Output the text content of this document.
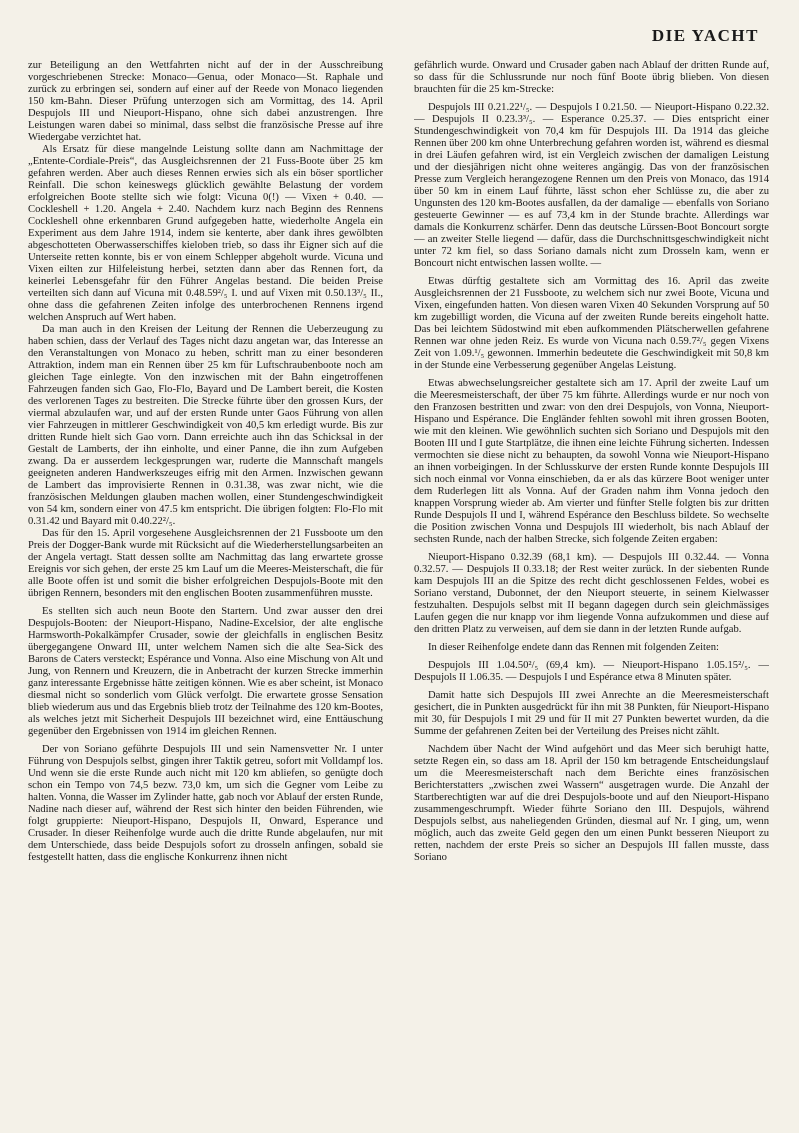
DIE YACHT

zur Beteiligung an den Wettfahrten nicht auf der in der Ausschreibung vorgeschriebenen Strecke: Monaco—Genua, oder Monaco—St. Raphale und zurück zu erbringen sei, sondern auf einer auf der Reede von Monaco liegenden 150 km-Bahn. Dieser Prüfung unterzogen sich am Vormittag, des 14. April Despujols III und Nieuport-Hispano, ohne sich dabei anzustrengen. Ihre Leistungen waren dabei so minimal, dass selbst die französische Presse auf ihre Wiedergabe verzichtet hat.

Als Ersatz für diese mangelnde Leistung sollte dann am Nachmittage der „Entente-Cordiale-Preis“, das Ausgleichsrennen der 21 Fuss-Boote über 25 km gefahren werden. Aber auch dieses Rennen erwies sich als ein böser sportlicher Reinfall. Die schon keineswegs glücklich gewählte Belastung der vordem erfolgreichen Boote stellte sich wie folgt: Vicuna 0(!) — Vixen + 0.40. — Cockleshell + 1.20. Angela + 2.40. Nachdem kurz nach Beginn des Rennens Cockleshell ohne erkennbaren Grund aufgegeben hatte, wiederholte Angela ein Experiment aus dem Jahre 1914, indem sie kenterte, aber dank ihres gewölbten abgeschotteten Oberwasserschiffes kieloben trieb, so dass ihr Eigner sich auf die Unterseite retten konnte, bis er von einem Schlepper abgeholt wurde. Vicuna und Vixen eilten zur Hilfeleistung herbei, setzten dann aber das Rennen fort, da keinerlei Lebensgefahr für den Führer Angelas bestand. Die beiden Preise verteilten sich dann auf Vicuna mit 0.48.59²/₅ I. und auf Vixen mit 0.50.13³/₅ II., ohne dass die gefahrenen Zeiten infolge des unterbrochenen Rennens irgend welchen Anspruch auf Wert haben.

Da man auch in den Kreisen der Leitung der Rennen die Ueberzeugung zu haben schien, dass der Verlauf des Tages nicht dazu angetan war, das Interesse an den Veranstaltungen von Monaco zu heben, schritt man zu einer besonderen Attraktion, indem man ein Rennen über 25 km für Luftschraubenboote noch am gleichen Tage einlegte. Von den inzwischen mit der Bahn eingetroffenen Fahrzeugen fanden sich Gao, Flo-Flo, Bayard und De Lambert bereit, die Kosten des verlorenen Tages zu bestreiten. Die Strecke führte über den grossen Kurs, der viermal abzulaufen war, und auf der ersten Runde unter Gaos Führung von allen vier Fahrzeugen in mittlerer Geschwindigkeit von 40,5 km erledigt wurde. Bis zur dritten Runde hielt sich Gao vorn. Dann erreichte auch ihn das Schicksal in der Gestalt de Lamberts, der ihn einholte, und einer Panne, die ihn zum Aufgeben zwang. Da er ausserdem leckgesprungen war, ruderte die Mannschaft mangels geeigneten anderen Handwerkszeuges eifrig mit den Armen. Inzwischen gewann de Lambert das improvisierte Rennen in 0.31.38, was zwar nicht, wie die französischen Meldungen glauben machen wollen, einer Stundengeschwindigkeit von 54 km, sondern einer von 47.5 km entspricht. Die übrigen folgten: Flo-Flo mit 0.31.42 und Bayard mit 0.40.22²/₅.

Das für den 15. April vorgesehene Ausgleichsrennen der 21 Fussboote um den Preis der Dogger-Bank wurde mit Rücksicht auf die Wiederherstellungsarbeiten an der Angela vertagt. Statt dessen sollte am Nachmittag das lang erwartete grosse Ereignis vor sich gehen, der erste 25 km Lauf um die Meeres-Meisterschaft, die für alle Boote offen ist und somit die bisher erfolgreichen Despujols-Boote mit den übrigen Rennern, besonders mit den englischen Booten zusammenführen musste.

Es stellten sich auch neun Boote den Startern. Und zwar ausser den drei Despujols-Booten: der Nieuport-Hispano, Nadine-Excelsior, der alte englische Harmsworth-Pokalkämpfer Crusader, sowie der gleichfalls in englischen Besitz übergegangene Onward III, unter welchem Namen sich die alte Sea-Sick des Barons de Caters versteckt; Espérance und Vonna. Also eine Mischung von Alt und Jung, von Rennern und Kreuzern, die in Anbetracht der kurzen Strecke immerhin ganz interessante Ergebnisse hätte zeitigen können. Wie es aber scheint, ist Monaco diesmal nicht so sonderlich vom Glück verfolgt. Die erwartete grosse Sensation blieb wiederum aus und das Ergebnis blieb trotz der Teilnahme des 120 km-Bootes, als welches jetzt mit Sicherheit Despujols III bezeichnet wird, eine Enttäuschung gegenüber den Ergebnissen von 1914 im gleichen Rennen.

Der von Soriano geführte Despujols III und sein Namensvetter Nr. I unter Führung von Despujols selbst, gingen ihrer Taktik getreu, sofort mit Volldampf los. Und wenn sie die erste Runde auch nicht mit 120 km abliefen, so genügte doch schon ein Tempo von 74,5 bezw. 73,0 km, um sich die Gegner vom Leibe zu halten. Vonna, die Wasser im Zylinder hatte, gab noch vor Ablauf der ersten Runde, Nadine nach dieser auf, während der Rest sich hinter den beiden Führenden, wie folgt gruppierte: Nieuport-Hispano, Despujols II, Onward, Esperance und Crusader. In dieser Reihenfolge wurde auch die dritte Runde abgelaufen, nur mit dem Unterschiede, dass beide Despujols sofort zu drosseln anfingen, sobald sie festgestellt hatten, dass die englische Konkurrenz ihnen nicht

gefährlich wurde. Onward und Crusader gaben nach Ablauf der dritten Runde auf, so dass für die Schlussrunde nur noch fünf Boote übrig blieben. Von diesen brauchten für die 25 km-Strecke:

Despujols III 0.21.22¹/₅. — Despujols I 0.21.50. — Nieuport-Hispano 0.22.32. — Despujols II 0.23.3³/₅. — Esperance 0.25.37. — Dies entspricht einer Stundengeschwindigkeit von 70,4 km für Despujols III. Da 1914 das gleiche Rennen über 200 km ohne Unterbrechung gefahren worden ist, während es diesmal in drei Läufen gefahren wird, ist ein Vergleich zwischen der damaligen Leistung und der diesjährigen nicht ohne weiteres angängig. Das von der französischen Presse zum Vergleich herangezogene Rennen um den Preis von Monaco, das 1914 über 50 km in einem Lauf führte, lässt schon eher Schlüsse zu, die aber zu Ungunsten des 120 km-Bootes ausfallen, da der damalige — ebenfalls von Soriano gesteuerte Gewinner — es auf 73,4 km in der Stunde brachte. Allerdings war damals die Konkurrenz schärfer. Denn das deutsche Lürssen-Boot Boncourt sorgte — an zweiter Stelle liegend — dafür, dass die Durchschnittsgeschwindigkeit nicht unter 72 km fiel, so dass Soriano damals nicht zum Drosseln kam, wenn er Boncourt nicht entwischen lassen wollte. —

Etwas dürftig gestaltete sich am Vormittag des 16. April das zweite Ausgleichsrennen der 21 Fussboote, zu welchem sich nur zwei Boote, Vicuna und Vixen, eingefunden hatten. Von diesen waren Vixen 40 Sekunden Vorsprung auf 50 km zugebilligt worden, die Vicuna auf der zweiten Runde bereits eingeholt hatte. Das bei leichtem Südostwind mit eben aufkommenden Plätscherwellen gefahrene Rennen war ohne jeden Reiz. Es wurde von Vicuna nach 0.59.7²/₅ gegen Vixens Zeit von 1.09.¹/₅ gewonnen. Immerhin bedeutete die Geschwindigkeit mit 50,8 km in der Stunde eine Verbesserung gegenüber Angelas Leistung.

Etwas abwechselungsreicher gestaltete sich am 17. April der zweite Lauf um die Meeresmeisterschaft, der über 75 km führte. Allerdings wurde er nur noch von den Franzosen bestritten und zwar: von den drei Despujols, von Vonna, Nieuport-Hispano und Espérance. Die Engländer fehlten sowohl mit ihren grossen Booten, wie mit den kleinen. Wie gewöhnlich suchten sich Soriano und Despujols mit den Booten III und I gute Startplätze, die ihnen eine leichte Führung sicherten. Indessen vermochten sie diese nicht zu behaupten, da sowohl Vonna wie Nieuport-Hispano an ihnen vorbeigingen. In der Schlusskurve der ersten Runde konnte Despujols III sich noch einmal vor Vonna einschieben, da er als das kürzere Boot weniger unter dem Ruderlegen litt als Vonna. Auf der Graden nahm ihm Vonna jedoch den knappen Vorsprung wieder ab. Am vierter und fünfter Stelle folgten bis zur dritten Runde Despujols II und I, während Espérance den Beschluss bildete. So wechselte die Position zwischen Vonna und Despujols III wiederholt, bis nach Ablauf der sechsten Runde, nach der halben Strecke, sich folgende Zeiten ergaben:

Nieuport-Hispano 0.32.39 (68,1 km). — Despujols III 0.32.44. — Vonna 0.32.57. — Despujols II 0.33.18; der Rest weiter zurück. In der siebenten Runde kam Despujols III an die Spitze des recht dicht geschlossenen Feldes, wobei es Soriano verstand, Dubonnet, der den Nieuport steuerte, in seinem Kielwasser festzuhalten. Despujols selbst mit II begann dagegen durch sein gleichmässiges Laufen gegen die nur knapp vor ihm liegende Vonna aufzukommen und diese auf den dritten Platz zu verweisen, auf dem sie dann in der letzten Runde aufgab.

In dieser Reihenfolge endete dann das Rennen mit folgenden Zeiten:

Despujols III 1.04.50²/₅ (69,4 km). — Nieuport-Hispano 1.05.15²/₅. — Despujols II 1.06.35. — Despujols I und Espérance etwa 8 Minuten später.

Damit hatte sich Despujols III zwei Anrechte an die Meeresmeisterschaft gesichert, die in Punkten ausgedrückt für ihn mit 38 Punkten, für Nieuport-Hispano mit 30, für Despujols I mit 29 und für II mit 27 Punkten bewertet wurden, da die Summe der gefahrenen Zeiten bei der Verteilung des Preises nicht zählt.

Nachdem über Nacht der Wind aufgehört und das Meer sich beruhigt hatte, setzte Regen ein, so dass am 18. April der 150 km betragende Entscheidungslauf um die Meeresmeisterschaft nach dem Berichte eines französischen Berichterstatters „zwischen zwei Wassern“ ausgetragen wurde. Die Anzahl der Startberechtigten war auf die drei Despujols-boote und auf den Nieuport-Hispano zusammengeschrumpft. Wieder führte Soriano den III. Despujols, während Despujols selbst, aus naheliegenden Gründen, diesmal auf Nr. I ging, um, wenn möglich, auch das zweite Geld gegen den um einen Punkt besseren Nieuport zu retten, nachdem der erste Preis so sicher an Despujols III fallen musste, dass Soriano
